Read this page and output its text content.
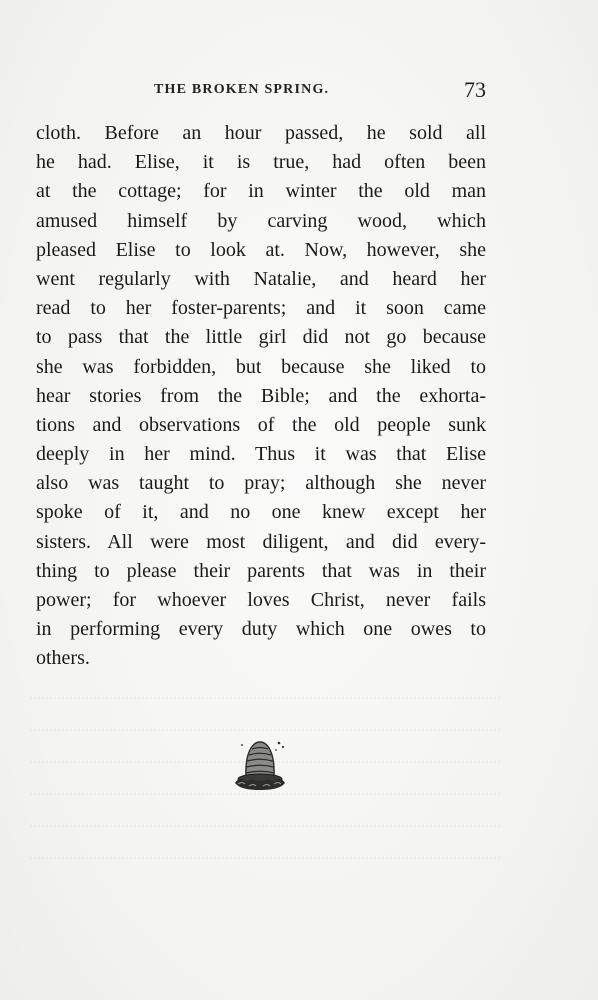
THE BROKEN SPRING.	73
cloth. Before an hour passed, he sold all
he had. Elise, it is true, had often been
at the cottage; for in winter the old man
amused himself by carving wood, which
pleased Elise to look at. Now, however, she
went regularly with Natalie, and heard her
read to her foster-parents; and it soon came
to pass that the little girl did not go because
she was forbidden, but because she liked to
hear stories from the Bible; and the exhorta-
tions and observations of the old people sunk
deeply in her mind. Thus it was that Elise
also was taught to pray; although she never
spoke of it, and no one knew except her
sisters. All were most diligent, and did every-
thing to please their parents that was in their
power; for whoever loves Christ, never fails
in performing every duty which one owes to
others.
